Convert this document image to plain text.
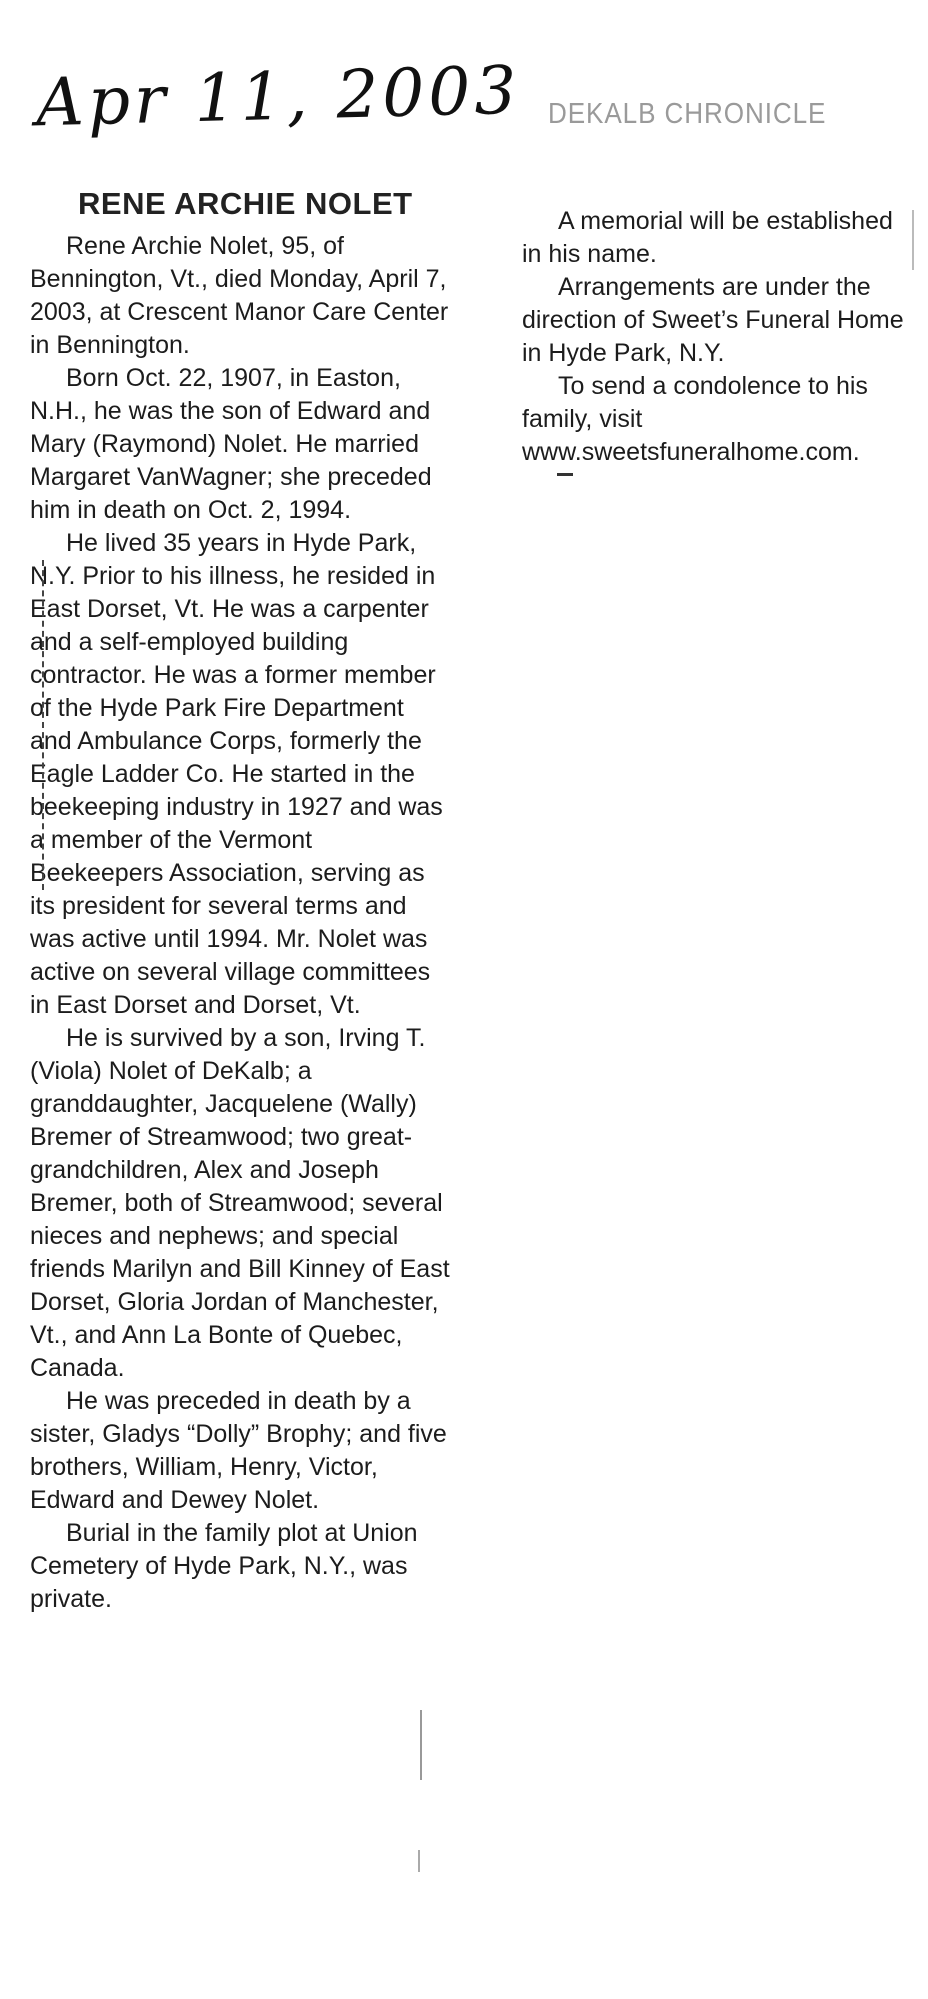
Apr 11, 2003 DEKALB CHRONICLE
RENE ARCHIE NOLET

Rene Archie Nolet, 95, of Bennington, Vt., died Monday, April 7, 2003, at Crescent Manor Care Center in Bennington.

Born Oct. 22, 1907, in Easton, N.H., he was the son of Edward and Mary (Raymond) Nolet. He married Margaret VanWagner; she preceded him in death on Oct. 2, 1994.

He lived 35 years in Hyde Park, N.Y. Prior to his illness, he resided in East Dorset, Vt. He was a carpenter and a self-employed building contractor. He was a former member of the Hyde Park Fire Department and Ambulance Corps, formerly the Eagle Ladder Co. He started in the beekeeping industry in 1927 and was a member of the Vermont Beekeepers Association, serving as its president for several terms and was active until 1994. Mr. Nolet was active on several village committees in East Dorset and Dorset, Vt.

He is survived by a son, Irving T. (Viola) Nolet of DeKalb; a granddaughter, Jacquelene (Wally) Bremer of Streamwood; two great-grandchildren, Alex and Joseph Bremer, both of Streamwood; several nieces and nephews; and special friends Marilyn and Bill Kinney of East Dorset, Gloria Jordan of Manchester, Vt., and Ann La Bonte of Quebec, Canada.

He was preceded in death by a sister, Gladys “Dolly” Brophy; and five brothers, William, Henry, Victor, Edward and Dewey Nolet.

Burial in the family plot at Union Cemetery of Hyde Park, N.Y., was private.

A memorial will be established in his name.

Arrangements are under the direction of Sweet’s Funeral Home in Hyde Park, N.Y.

To send a condolence to his family, visit www.sweetsfuneralhome.com.
